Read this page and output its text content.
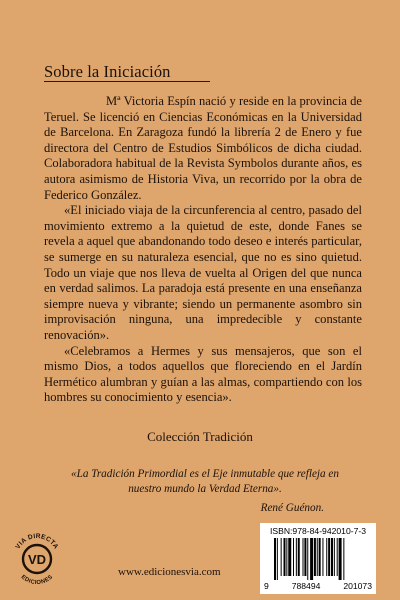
Sobre la Iniciación

Mª Victoria Espín nació y reside en la provincia de Teruel. Se licenció en Ciencias Económicas en la Universidad de Barcelona. En Zaragoza fundó la librería 2 de Enero y fue directora del Centro de Estudios Simbólicos de dicha ciudad. Colaboradora habitual de la Revista Symbolos durante años, es autora asimismo de Historia Viva, un recorrido por la obra de Federico González.

«El iniciado viaja de la circunferencia al centro, pasado del movimiento extremo a la quietud de este, donde Fanes se revela a aquel que abandonando todo deseo e interés particular, se sumerge en su naturaleza esencial, que no es sino quietud. Todo un viaje que nos lleva de vuelta al Origen del que nunca en verdad salimos. La paradoja está presente en una enseñanza siempre nueva y vibrante; siendo un permanente asombro sin improvisación ninguna, una impredecible y constante renovación».

«Celebramos a Hermes y sus mensajeros, que son el mismo Dios, a todos aquellos que floreciendo en el Jardín Hermético alumbran y guían a las almas, compartiendo con los hombres su conocimiento y esencia».

Colección Tradición
«La Tradición Primordial es el Eje inmutable que refleja en nuestro mundo la Verdad Eterna».
René Guénon.
VIA DIRECTA
VD
EDICIONES	www.edicionesvia.com
ISBN:978-84-942010-7-3
9	788494	201073
